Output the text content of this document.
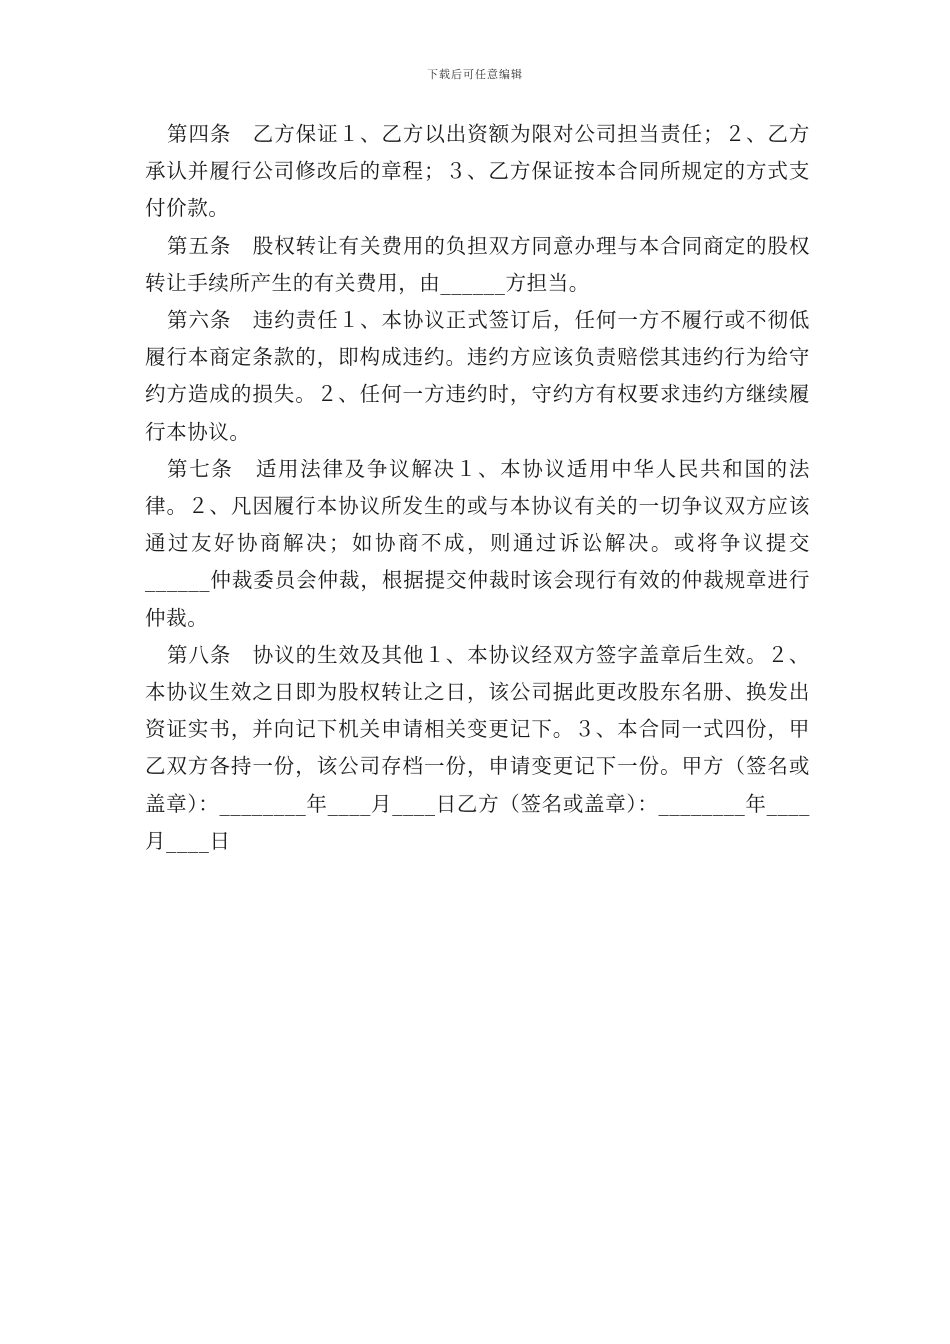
下载后可任意编辑

第四条　乙方保证１、乙方以出资额为限对公司担当责任；２、乙方承认并履行公司修改后的章程；３、乙方保证按本合同所规定的方式支付价款。

第五条　股权转让有关费用的负担双方同意办理与本合同商定的股权转让手续所产生的有关费用，由______方担当。

第六条　违约责任１、本协议正式签订后，任何一方不履行或不彻低履行本商定条款的，即构成违约。违约方应该负责赔偿其违约行为给守约方造成的损失。２、任何一方违约时，守约方有权要求违约方继续履行本协议。

第七条　适用法律及争议解决１、本协议适用中华人民共和国的法律。２、凡因履行本协议所发生的或与本协议有关的一切争议双方应该通过友好协商解决；如协商不成，则通过诉讼解决。或将争议提交______仲裁委员会仲裁，根据提交仲裁时该会现行有效的仲裁规章进行仲裁。

第八条　协议的生效及其他１、本协议经双方签字盖章后生效。２、本协议生效之日即为股权转让之日，该公司据此更改股东名册、换发出资证实书，并向记下机关申请相关变更记下。３、本合同一式四份，甲乙双方各持一份，该公司存档一份，申请变更记下一份。甲方（签名或盖章）：________年____月____日乙方（签名或盖章）：________年____月____日
